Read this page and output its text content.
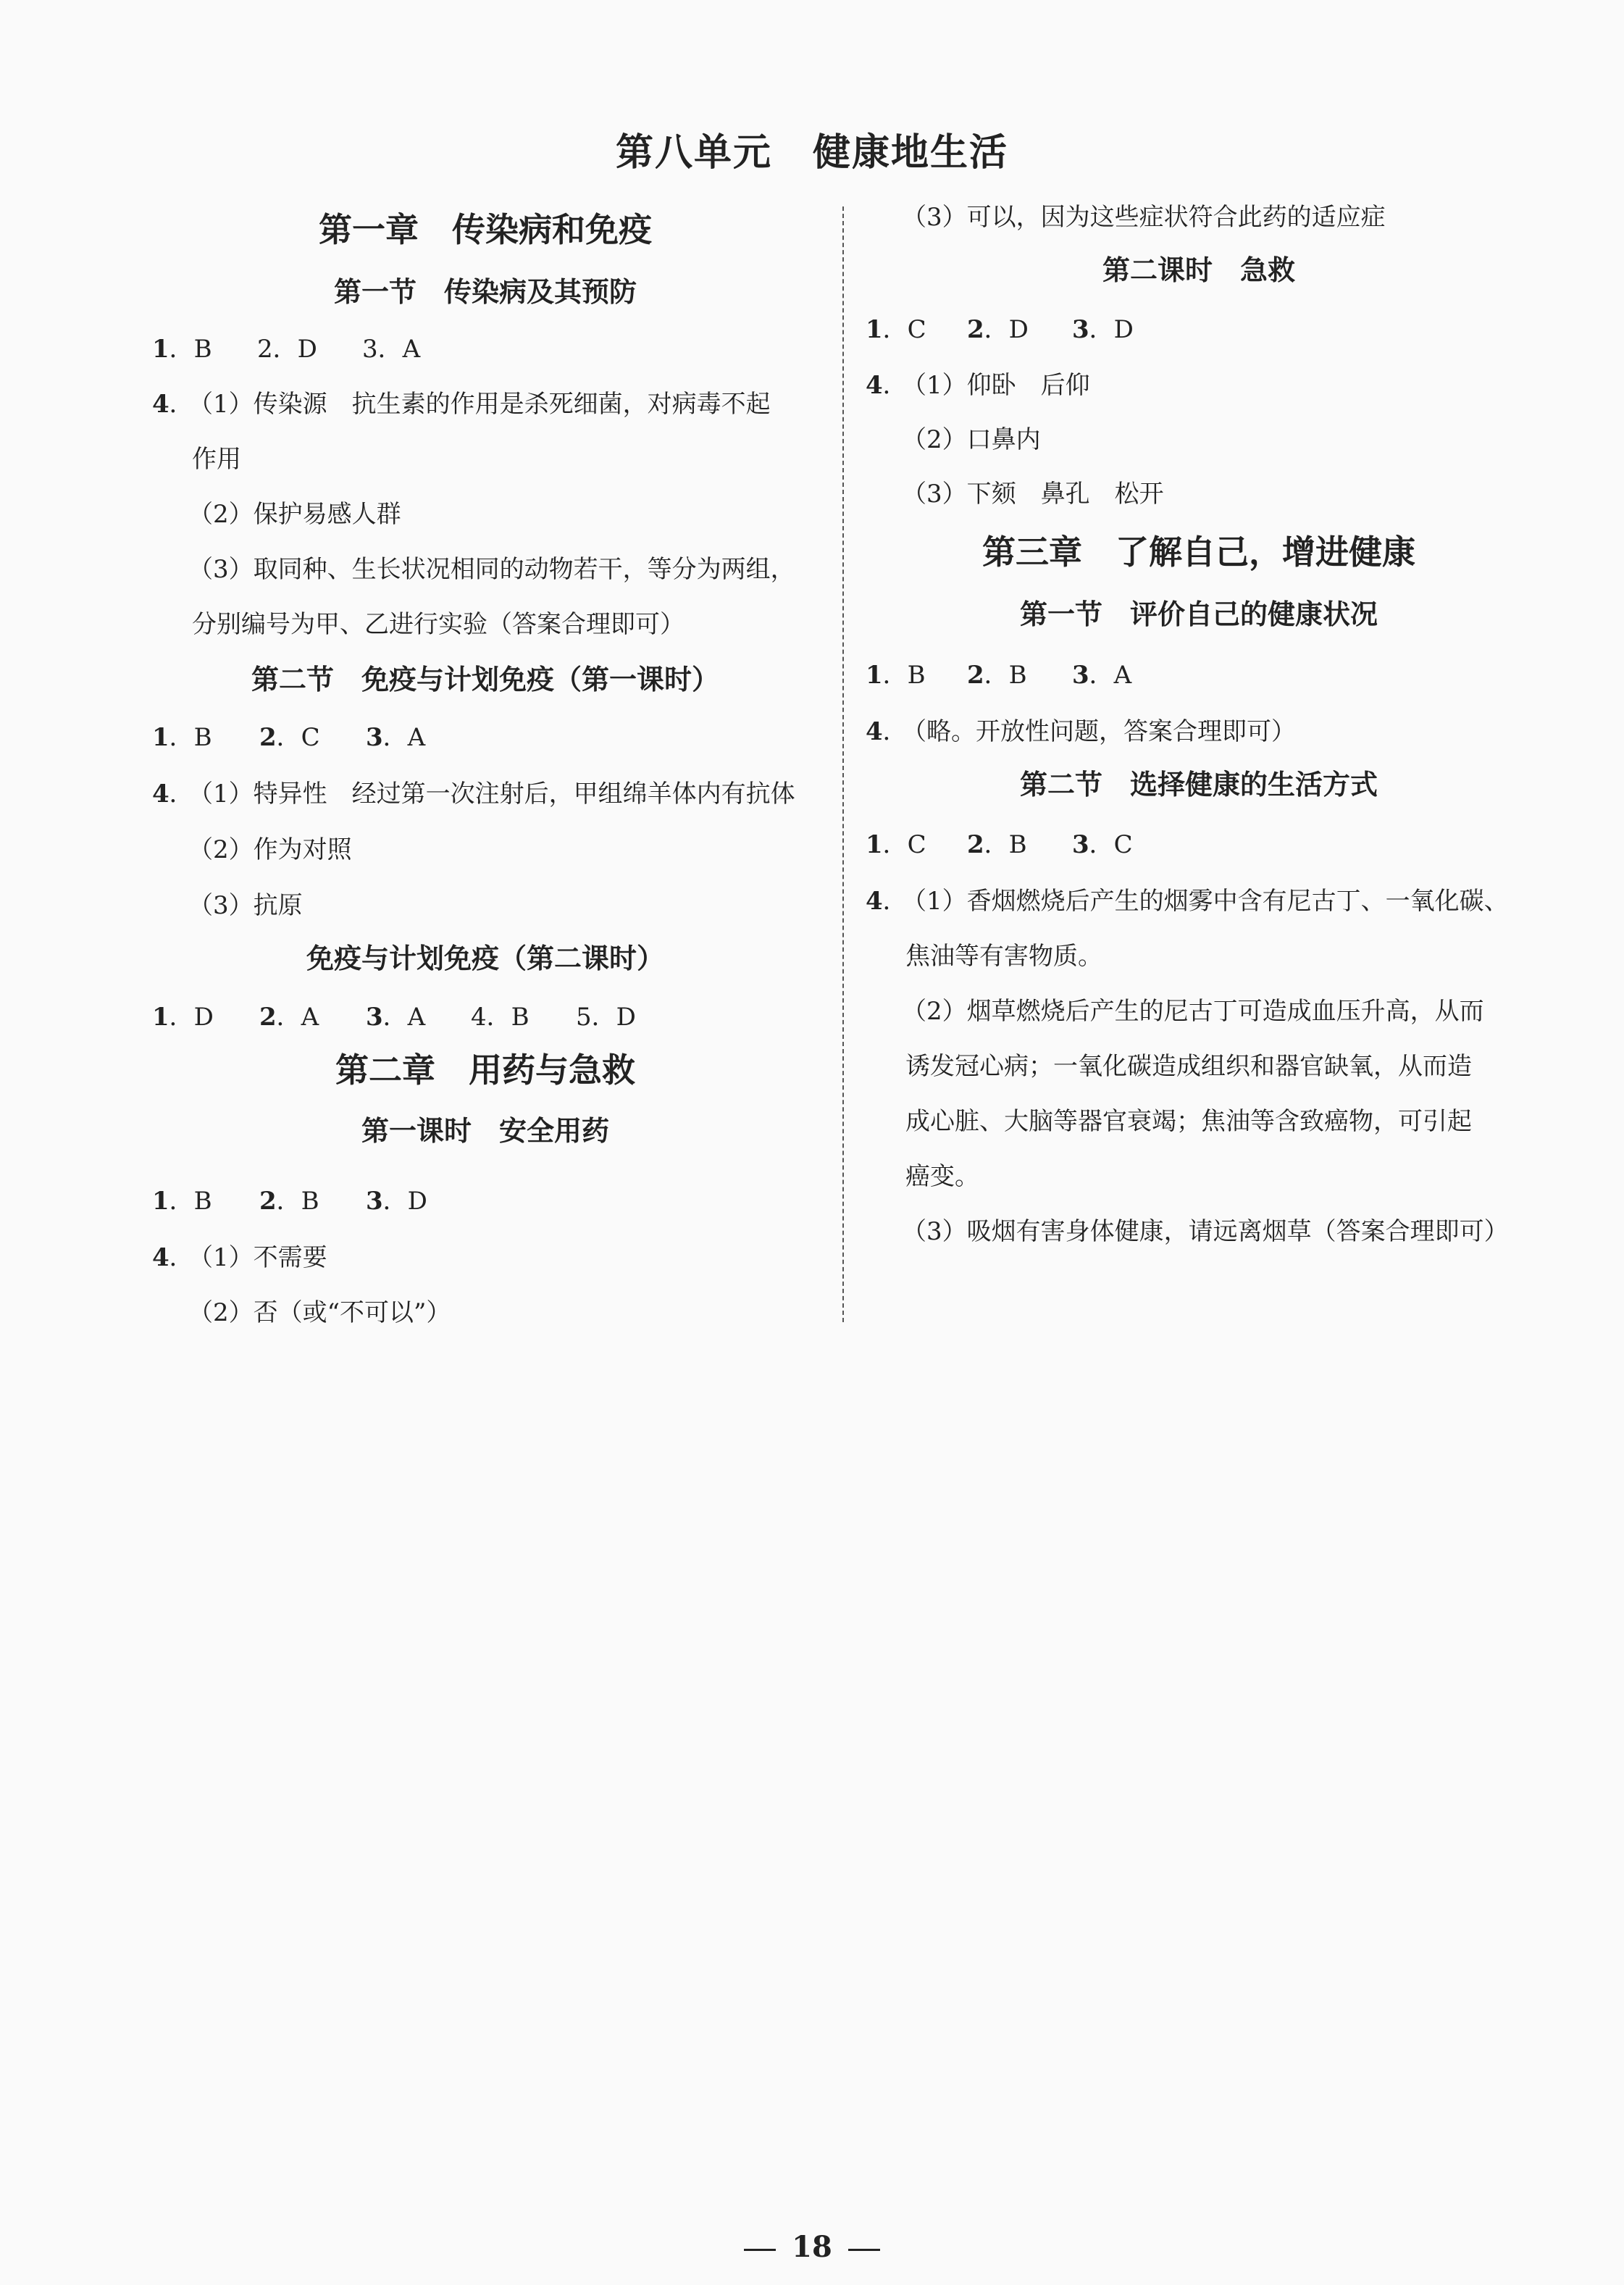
第八单元 健康地生活
第一章　传染病和免疫
第一节　传染病及其预防
1．B 2．D 3．A
4．
（1）传染源　抗生素的作用是杀死细菌，对病毒不起
作用
（2）保护易感人群
（3）取同种、生长状况相同的动物若干，等分为两组，
分别编号为甲、乙进行实验（答案合理即可）
第二节　免疫与计划免疫（第一课时）
1．B 2．C 3．A
4．
（1）特异性　经过第一次注射后，甲组绵羊体内有抗体
（2）作为对照
（3）抗原
免疫与计划免疫（第二课时）
1．D 2．A 3．A 4．B 5．D
第二章　用药与急救
第一课时　安全用药
1．B 2．B 3．D
4．
（1）不需要
（2）否（或“不可以”）
（3）可以，因为这些症状符合此药的适应症
第二课时　急救
1．C 2．D 3．D
4．
（1）仰卧　后仰
（2）口鼻内
（3）下颏　鼻孔　松开
第三章　了解自己，增进健康
第一节　评价自己的健康状况
1．B 2．B 3．A
4．
（略。开放性问题，答案合理即可）
第二节　选择健康的生活方式
1．C 2．B 3．C
4．
（1）香烟燃烧后产生的烟雾中含有尼古丁、一氧化碳、
焦油等有害物质。
（2）烟草燃烧后产生的尼古丁可造成血压升高，从而
诱发冠心病；一氧化碳造成组织和器官缺氧，从而造
成心脏、大脑等器官衰竭；焦油等含致癌物，可引起
癌变。
（3）吸烟有害身体健康，请远离烟草（答案合理即可）
18
